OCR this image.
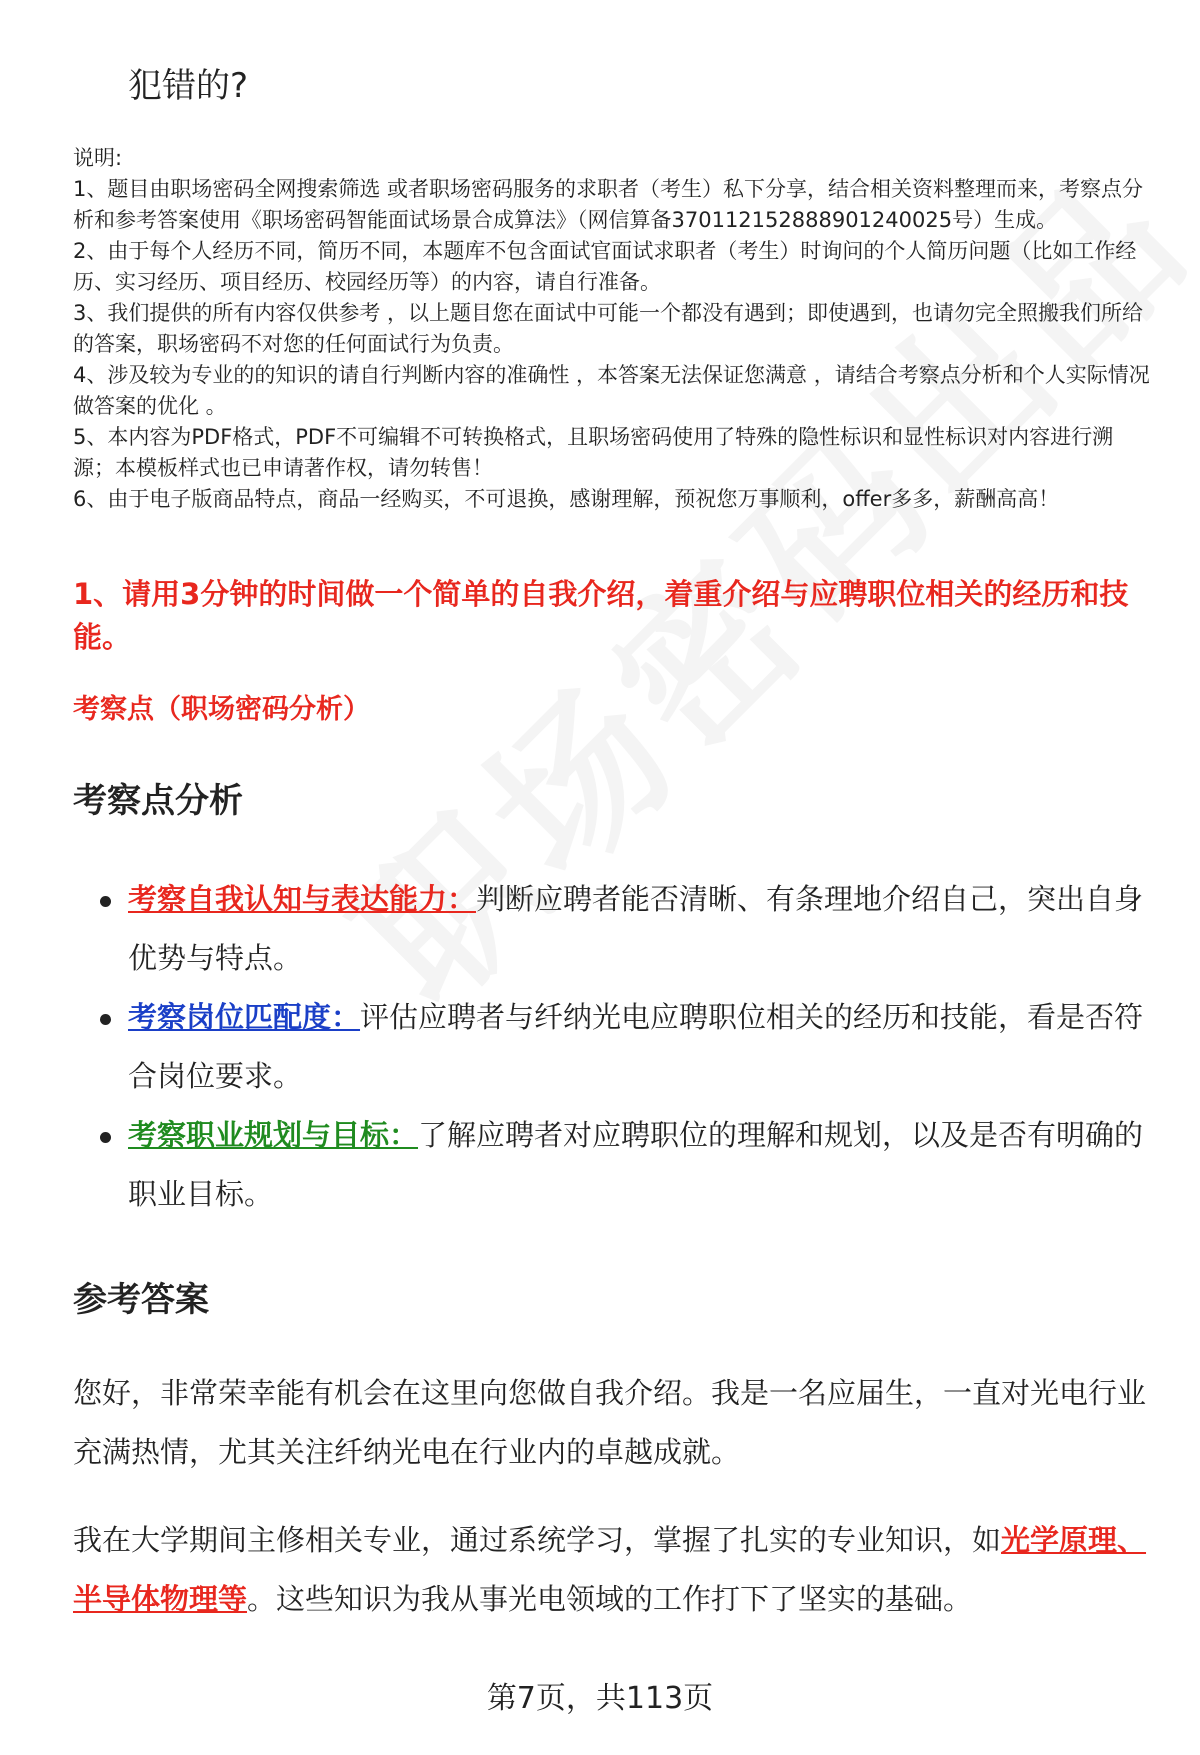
犯错的?

说明:

1、题目由职场密码全网搜索筛选 或者职场密码服务的求职者（考生）私下分享，结合相关资料整理而来，考察点分析和参考答案使用《职场密码智能面试场景合成算法》（网信算备370112152888901240025号）生成。

2、由于每个人经历不同，简历不同，本题库不包含面试官面试求职者（考生）时询问的个人简历问题（比如工作经历、实习经历、项目经历、校园经历等）的内容，请自行准备。

3、我们提供的所有内容仅供参考 ，以上题目您在面试中可能一个都没有遇到；即使遇到，也请勿完全照搬我们所给的答案，职场密码不对您的任何面试行为负责。

4、涉及较为专业的的知识的请自行判断内容的准确性 ，本答案无法保证您满意 ，请结合考察点分析和个人实际情况做答案的优化 。

5、本内容为PDF格式，PDF不可编辑不可转换格式，且职场密码使用了特殊的隐性标识和显性标识对内容进行溯源；本模板样式也已申请著作权，请勿转售！

6、由于电子版商品特点，商品一经购买，不可退换，感谢理解，预祝您万事顺利，offer多多，薪酬高高！

1、请用3分钟的时间做一个简单的自我介绍，着重介绍与应聘职位相关的经历和技能。
考察点（职场密码分析）
考察点分析
考察自我认知与表达能力：判断应聘者能否清晰、有条理地介绍自己，突出自身优势与特点。
考察岗位匹配度：评估应聘者与纤纳光电应聘职位相关的经历和技能，看是否符合岗位要求。
考察职业规划与目标：了解应聘者对应聘职位的理解和规划，以及是否有明确的职业目标。
参考答案

您好，非常荣幸能有机会在这里向您做自我介绍。我是一名应届生，一直对光电行业充满热情，尤其关注纤纳光电在行业内的卓越成就。

我在大学期间主修相关专业，通过系统学习，掌握了扎实的专业知识，如光学原理、半导体物理等。这些知识为我从事光电领域的工作打下了坚实的基础。

第7页，共113页
